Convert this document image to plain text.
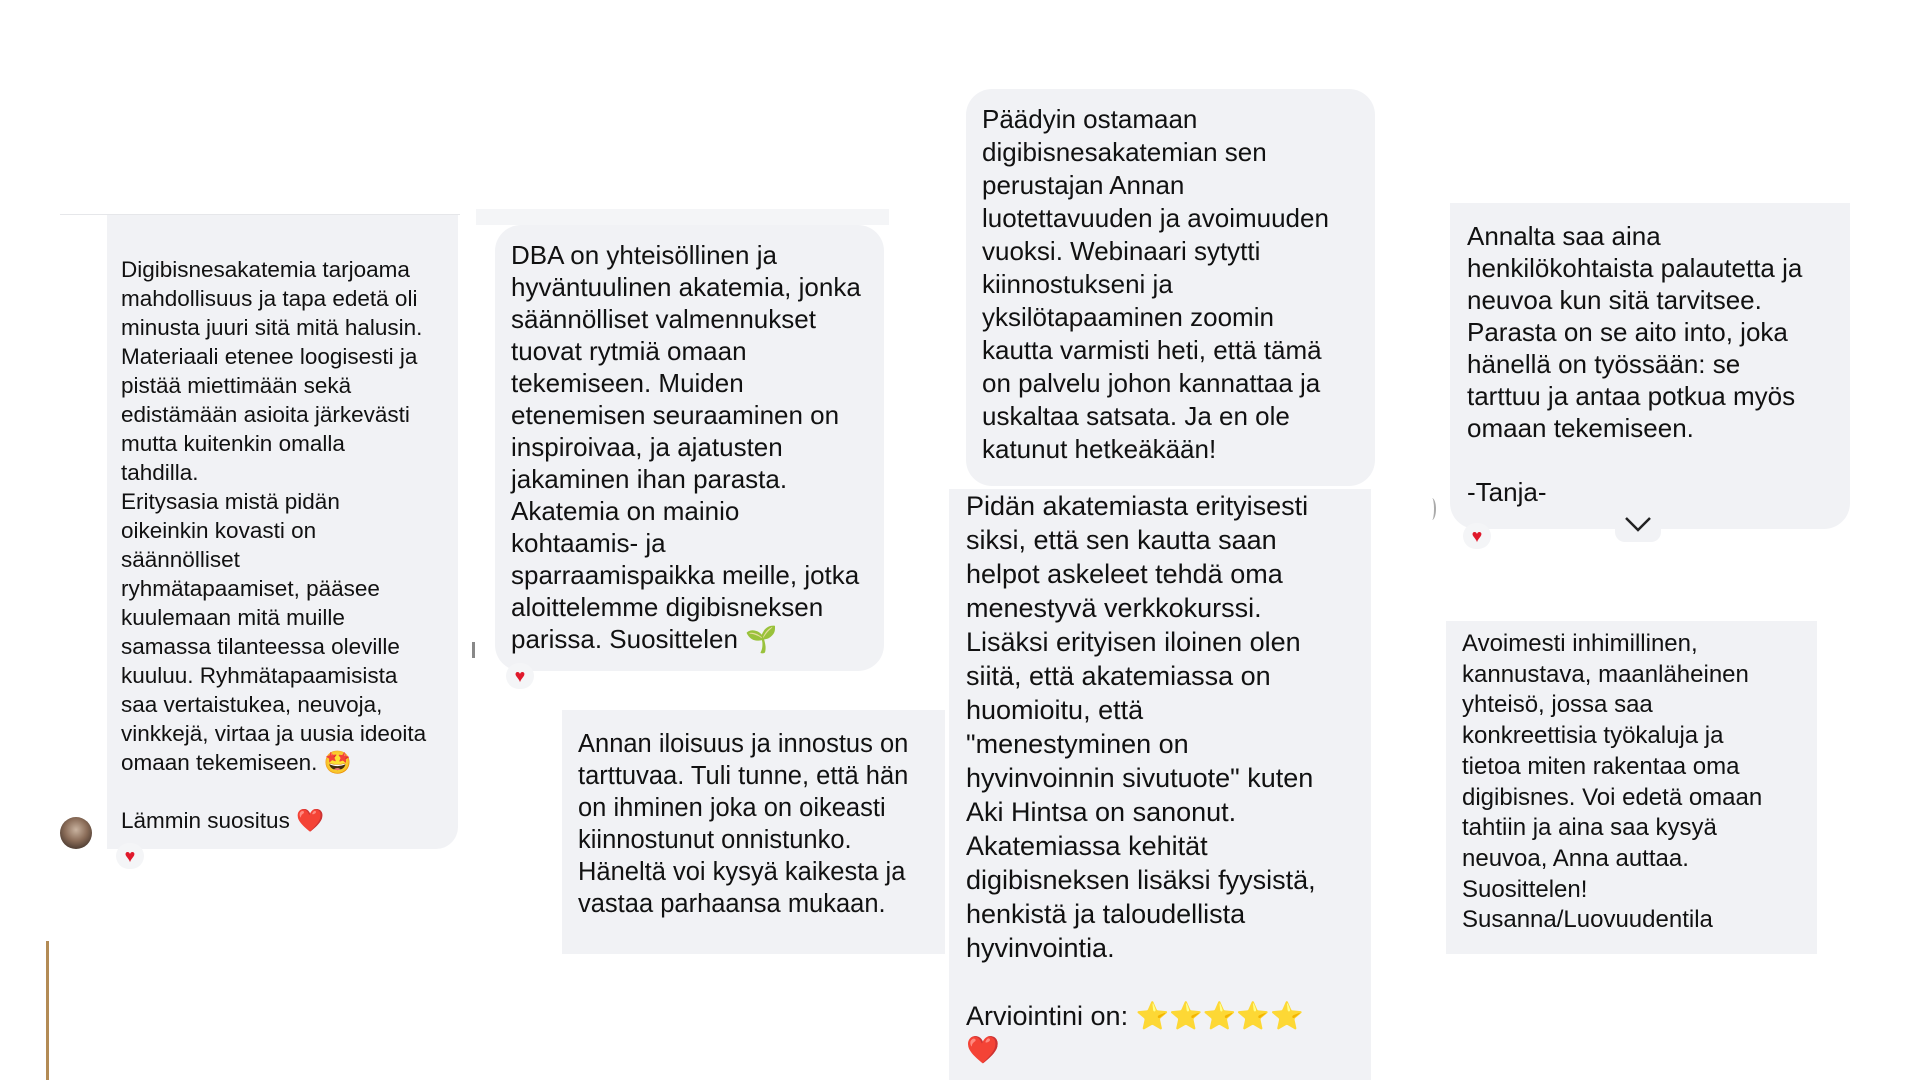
Digibisnesakatemia tarjoama
mahdollisuus ja tapa edetä oli
minusta juuri sitä mitä halusin.
Materiaali etenee loogisesti ja
pistää miettimään sekä
edistämään asioita järkevästi
mutta kuitenkin omalla
tahdilla.
Eritysasia mistä pidän
oikeinkin kovasti on
säännölliset
ryhmätapaamiset, pääsee
kuulemaan mitä muille
samassa tilanteessa oleville
kuuluu. Ryhmätapaamisista
saa vertaistukea, neuvoja,
vinkkejä, virtaa ja uusia ideoita
omaan tekemiseen. 🤩

Lämmin suositus ❤️
DBA on yhteisöllinen ja
hyväntuulinen akatemia, jonka
säännölliset valmennukset
tuovat rytmiä omaan
tekemiseen. Muiden
etenemisen seuraaminen on
inspiroivaa, ja ajatusten
jakaminen ihan parasta.
Akatemia on mainio
kohtaamis- ja
sparraamispaikka meille, jotka
aloittelemme digibisneksen
parissa. Suosittelen 🌱
Annan iloisuus ja innostus on
tarttuvaa. Tuli tunne, että hän
on ihminen joka on oikeasti
kiinnostunut onnistunko.
Häneltä voi kysyä kaikesta ja
vastaa parhaansa mukaan.
Päädyin ostamaan
digibisnesakatemian sen
perustajan Annan
luotettavuuden ja avoimuuden
vuoksi. Webinaari sytytti
kiinnostukseni ja
yksilötapaaminen zoomin
kautta varmisti heti, että tämä
on palvelu johon kannattaa ja
uskaltaa satsata. Ja en ole
katunut hetkeäkään!
Pidän akatemiasta erityisesti
siksi, että sen kautta saan
helpot askeleet tehdä oma
menestyvä verkkokurssi.
Lisäksi erityisen iloinen olen
siitä, että akatemiassa on
huomioitu, että
"menestyminen on
hyvinvoinnin sivutuote" kuten
Aki Hintsa on sanonut.
Akatemiassa kehität
digibisneksen lisäksi fyysistä,
henkistä ja taloudellista
hyvinvointia.

Arviointini on: ⭐⭐⭐⭐⭐
❤️
Annalta saa aina
henkilökohtaista palautetta ja
neuvoa kun sitä tarvitsee.
Parasta on se aito into, joka
hänellä on työssään: se
tarttuu ja antaa potkua myös
omaan tekemiseen.

-Tanja-
Avoimesti inhimillinen,
kannustava, maanläheinen
yhteisö, jossa saa
konkreettisia työkaluja ja
tietoa miten rakentaa oma
digibisnes. Voi edetä omaan
tahtiin ja aina saa kysyä
neuvoa, Anna auttaa.
Suosittelen!
Susanna/Luovuudentila
♥
♥
♥
